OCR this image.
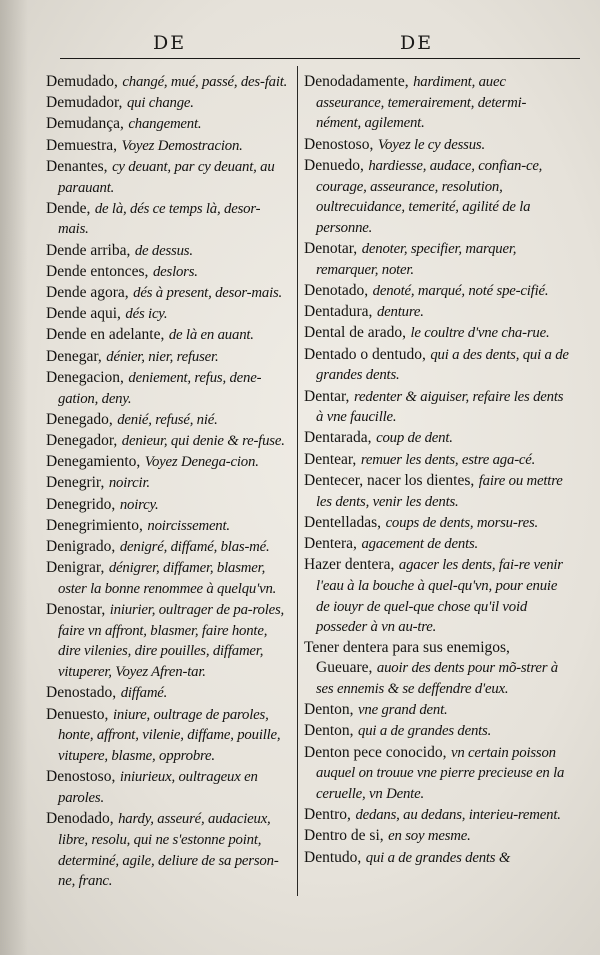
DE	DE
Demudado, changé, mué, passé, des-fait.
Demudador, qui change.
Demudança, changement.
Demuestra, Voyez Demostracion.
Denantes, cy deuant, par cy deuant, au parauant.
Dende, de là, dés ce temps là, desor-mais.
Dende arriba, de dessus.
Dende entonces, deslors.
Dende agora, dés à present, desor-mais.
Dende aqui, dés icy.
Dende en adelante, de là en auant.
Denegar, dénier, nier, refuser.
Denegacion, deniement, refus, dene-gation, deny.
Denegado, denié, refusé, nié.
Denegador, denieur, qui denie & re-fuse.
Denegamiento, Voyez Denega-cion.
Denegrir, noircir.
Denegrido, noircy.
Denegrimiento, noircissement.
Denigrado, denigré, diffamé, blas-mé.
Denigrar, dénigrer, diffamer, blasmer, oster la bonne renommee à quelqu'vn.
Denostar, iniurier, oultrager de pa-roles, faire vn affront, blasmer, faire honte, dire vilenies, dire pouilles, diffamer, vituperer, Voyez Afren-tar.
Denostado, diffamé.
Denuesto, iniure, oultrage de paroles, honte, affront, vilenie, diffame, pouille, vitupere, blasme, opprobre.
Denostoso, iniurieux, oultrageux en paroles.
Denodado, hardy, asseuré, audacieux, libre, resolu, qui ne s'estonne point, determiné, agile, deliure de sa person-ne, franc.
Denodadamente, hardiment, auec asseurance, temerairement, determi-nément, agilement.
Denostoso, Voyez le cy dessus.
Denuedo, hardiesse, audace, confian-ce, courage, asseurance, resolution, oultrecuidance, temerité, agilité de la personne.
Denotar, denoter, specifier, marquer, remarquer, noter.
Denotado, denoté, marqué, noté spe-cifié.
Dentadura, denture.
Dental de arado, le coultre d'vne cha-rue.
Dentado o dentudo, qui a des dents, qui a de grandes dents.
Dentar, redenter & aiguiser, refaire les dents à vne faucille.
Dentarada, coup de dent.
Dentear, remuer les dents, estre aga-cé.
Dentecer, nacer los dientes, faire ou mettre les dents, venir les dents.
Dentelladas, coups de dents, morsu-res.
Dentera, agacement de dents.
Hazer dentera, agacer les dents, fai-re venir l'eau à la bouche à quel-qu'vn, pour enuie de iouyr de quel-que chose qu'il void posseder à vn au-tre.
Tener dentera para sus enemigos, Gueuare, auoir des dents pour mõ-strer à ses ennemis & se deffendre d'eux.
Denton, vne grand dent.
Denton, qui a de grandes dents.
Denton pece conocido, vn certain poisson auquel on trouue vne pierre precieuse en la ceruelle, vn Dente.
Dentro, dedans, au dedans, interieu-rement.
Dentro de si, en soy mesme.
Dentudo, qui a de grandes dents &
